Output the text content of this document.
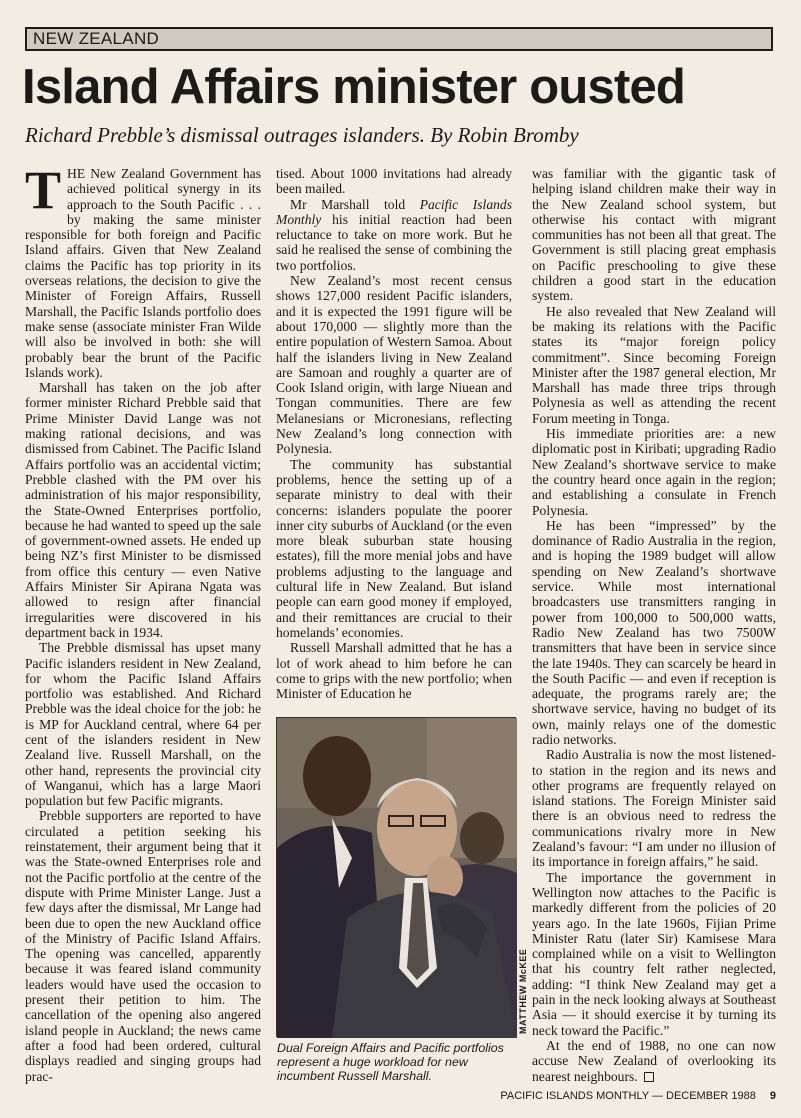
NEW ZEALAND
Island Affairs minister ousted
Richard Prebble’s dismissal outrages islanders. By Robin Bromby

THE New Zealand Government has achieved political synergy in its approach to the South Pacific . . . by making the same minister responsible for both foreign and Pacific Island affairs. Given that New Zealand claims the Pacific has top priority in its overseas relations, the decision to give the Minister of Foreign Affairs, Russell Marshall, the Pacific Islands portfolio does make sense (associate minister Fran Wilde will also be involved in both: she will probably bear the brunt of the Pacific Islands work).

Marshall has taken on the job after former minister Richard Prebble said that Prime Minister David Lange was not making rational decisions, and was dismissed from Cabinet. The Pacific Island Affairs portfolio was an accidental victim; Prebble clashed with the PM over his administration of his major responsibility, the State-Owned Enterprises portfolio, because he had wanted to speed up the sale of government-owned assets. He ended up being NZ’s first Minister to be dismissed from office this century — even Native Affairs Minister Sir Apirana Ngata was allowed to resign after financial irregularities were discovered in his department back in 1934.

The Prebble dismissal has upset many Pacific islanders resident in New Zealand, for whom the Pacific Island Affairs portfolio was established. And Richard Prebble was the ideal choice for the job: he is MP for Auckland central, where 64 per cent of the islanders resident in New Zealand live. Russell Marshall, on the other hand, represents the provincial city of Wanganui, which has a large Maori population but few Pacific migrants.

Prebble supporters are reported to have circulated a petition seeking his reinstatement, their argument being that it was the State-owned Enterprises role and not the Pacific portfolio at the centre of the dispute with Prime Minister Lange. Just a few days after the dismissal, Mr Lange had been due to open the new Auckland office of the Ministry of Pacific Island Affairs. The opening was cancelled, apparently because it was feared island community leaders would have used the occasion to present their petition to him. The cancellation of the opening also angered island people in Auckland; the news came after a food had been ordered, cultural displays readied and singing groups had prac-

tised. About 1000 invitations had already been mailed.

Mr Marshall told Pacific Islands Monthly his initial reaction had been reluctance to take on more work. But he said he realised the sense of combining the two portfolios.

New Zealand’s most recent census shows 127,000 resident Pacific islanders, and it is expected the 1991 figure will be about 170,000 — slightly more than the entire population of Western Samoa. About half the islanders living in New Zealand are Samoan and roughly a quarter are of Cook Island origin, with large Niuean and Tongan communities. There are few Melanesians or Micronesians, reflecting New Zealand’s long connection with Polynesia.

The community has substantial problems, hence the setting up of a separate ministry to deal with their concerns: islanders populate the poorer inner city suburbs of Auckland (or the even more bleak suburban state housing estates), fill the more menial jobs and have problems adjusting to the language and cultural life in New Zealand. But island people can earn good money if employed, and their remittances are crucial to their homelands’ economies.

Russell Marshall admitted that he has a lot of work ahead to him before he can come to grips with the new portfolio; when Minister of Education he

MATTHEW McKEE
Dual Foreign Affairs and Pacific portfolios represent a huge workload for new incumbent Russell Marshall.

was familiar with the gigantic task of helping island children make their way in the New Zealand school system, but otherwise his contact with migrant communities has not been all that great. The Government is still placing great emphasis on Pacific preschooling to give these children a good start in the education system.

He also revealed that New Zealand will be making its relations with the Pacific states its “major foreign policy commitment”. Since becoming Foreign Minister after the 1987 general election, Mr Marshall has made three trips through Polynesia as well as attending the recent Forum meeting in Tonga.

His immediate priorities are: a new diplomatic post in Kiribati; upgrading Radio New Zealand’s shortwave service to make the country heard once again in the region; and establishing a consulate in French Polynesia.

He has been “impressed” by the dominance of Radio Australia in the region, and is hoping the 1989 budget will allow spending on New Zealand’s shortwave service. While most international broadcasters use transmitters ranging in power from 100,000 to 500,000 watts, Radio New Zealand has two 7500W transmitters that have been in service since the late 1940s. They can scarcely be heard in the South Pacific — and even if reception is adequate, the programs rarely are; the shortwave service, having no budget of its own, mainly relays one of the domestic radio networks.

Radio Australia is now the most listened-to station in the region and its news and other programs are frequently relayed on island stations. The Foreign Minister said there is an obvious need to redress the communications rivalry more in New Zealand’s favour: “I am under no illusion of its importance in foreign affairs,” he said.

The importance the government in Wellington now attaches to the Pacific is markedly different from the policies of 20 years ago. In the late 1960s, Fijian Prime Minister Ratu (later Sir) Kamisese Mara complained while on a visit to Wellington that his country felt rather neglected, adding: “I think New Zealand may get a pain in the neck looking always at Southeast Asia — it should exercise it by turning its neck toward the Pacific.”

At the end of 1988, no one can now accuse New Zealand of overlooking its nearest neighbours.

PACIFIC ISLANDS MONTHLY — DECEMBER 1988 9
